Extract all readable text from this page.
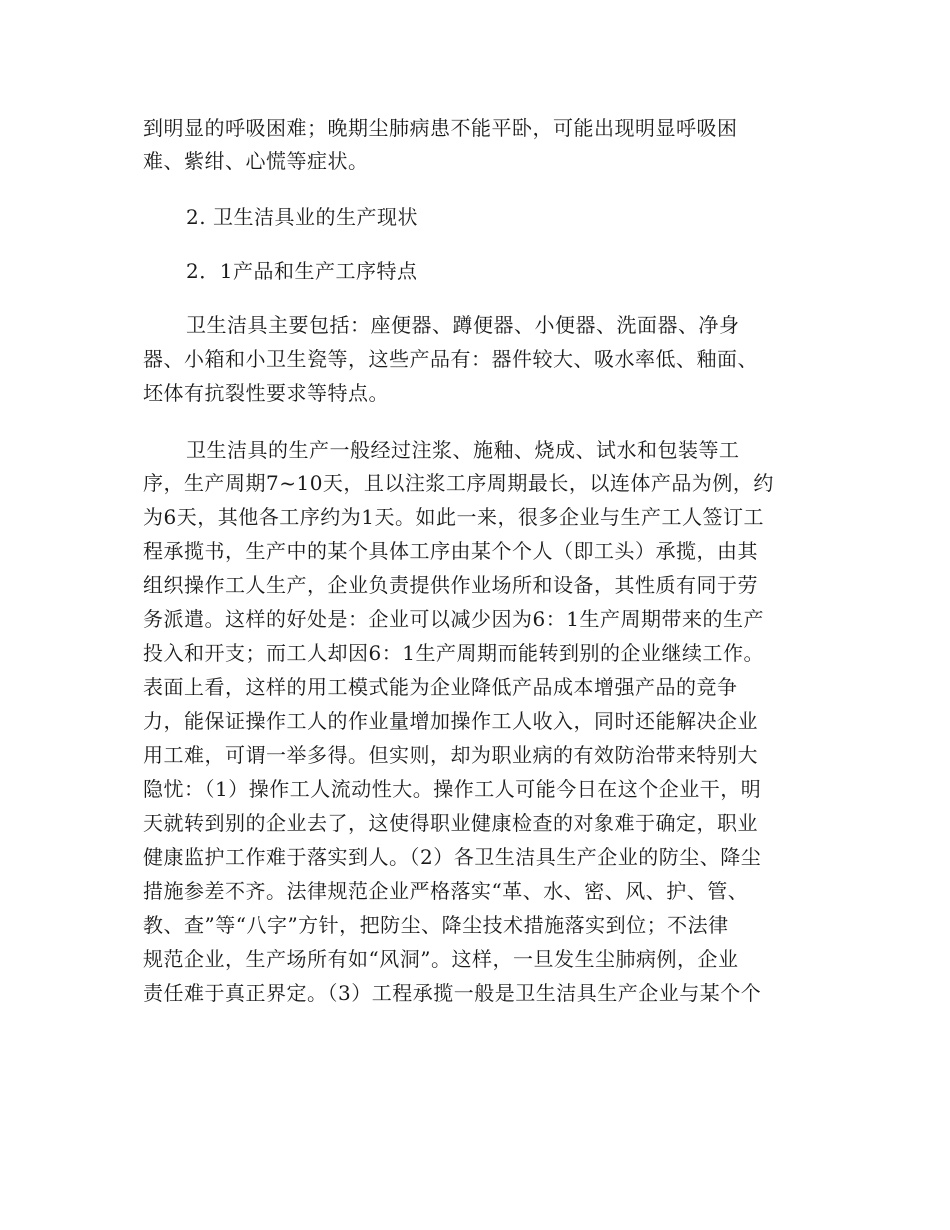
到明显的呼吸困难；晚期尘肺病患不能平卧，可能出现明显呼吸困
难、紫绀、心慌等症状。
2. 卫生洁具业的生产现状
2．1产品和生产工序特点
卫生洁具主要包括：座便器、蹲便器、小便器、洗面器、净身
器、小箱和小卫生瓷等，这些产品有：器件较大、吸水率低、釉面、
坯体有抗裂性要求等特点。
卫生洁具的生产一般经过注浆、施釉、烧成、试水和包装等工
序，生产周期7~10天，且以注浆工序周期最长，以连体产品为例，约
为6天，其他各工序约为1天。如此一来，很多企业与生产工人签订工
程承揽书，生产中的某个具体工序由某个个人（即工头）承揽，由其
组织操作工人生产，企业负责提供作业场所和设备，其性质有同于劳
务派遣。这样的好处是：企业可以减少因为6：1生产周期带来的生产
投入和开支；而工人却因6：1生产周期而能转到别的企业继续工作。
表面上看，这样的用工模式能为企业降低产品成本增强产品的竞争
力，能保证操作工人的作业量增加操作工人收入，同时还能解决企业
用工难，可谓一举多得。但实则，却为职业病的有效防治带来特别大
隐忧：（1）操作工人流动性大。操作工人可能今日在这个企业干，明
天就转到别的企业去了，这使得职业健康检查的对象难于确定，职业
健康监护工作难于落实到人。（2）各卫生洁具生产企业的防尘、降尘
措施参差不齐。法律规范企业严格落实“革、水、密、风、护、管、
教、查”等“八字”方针，把防尘、降尘技术措施落实到位；不法律
规范企业，生产场所有如“风洞”。这样，一旦发生尘肺病例，企业
责任难于真正界定。（3）工程承揽一般是卫生洁具生产企业与某个个
